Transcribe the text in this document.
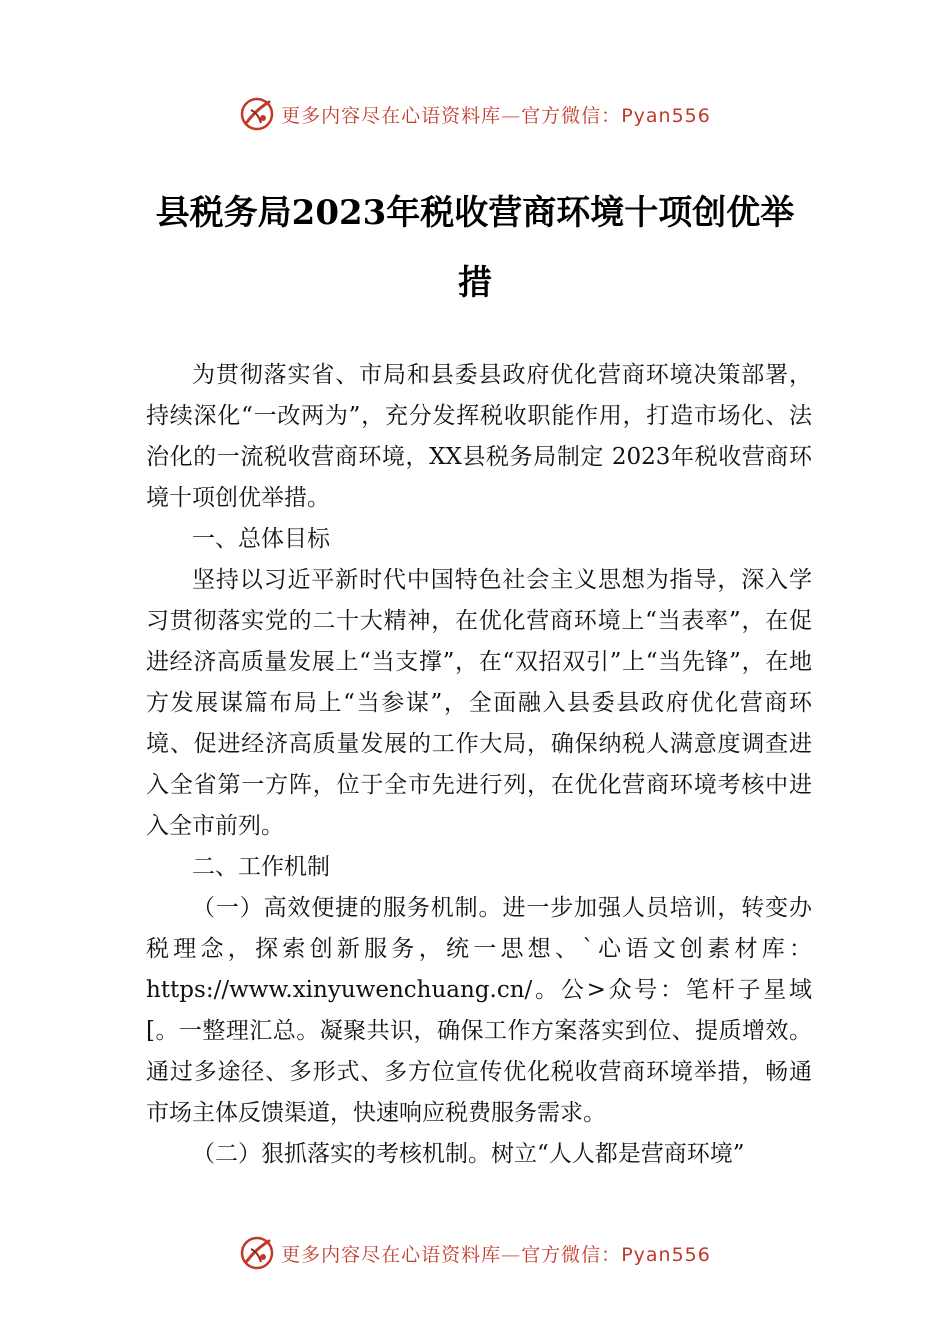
更多内容尽在心语资料库—官方微信：Pyan556
县税务局2023年税收营商环境十项创优举
措

为贯彻落实省、市局和县委县政府优化营商环境决策部署，持续深化“一改两为”，充分发挥税收职能作用，打造市场化、法治化的一流税收营商环境，XX县税务局制定 2023年税收营商环境十项创优举措。

一、总体目标

坚持以习近平新时代中国特色社会主义思想为指导，深入学习贯彻落实党的二十大精神，在优化营商环境上“当表率”，在促进经济高质量发展上“当支撑”，在“双招双引”上“当先锋”，在地方发展谋篇布局上“当参谋”，全面融入县委县政府优化营商环境、促进经济高质量发展的工作大局，确保纳税人满意度调查进入全省第一方阵，位于全市先进行列，在优化营商环境考核中进入全市前列。

二、工作机制

（一）高效便捷的服务机制。进一步加强人员培训，转变办税理念，探索创新服务，统一思想、`心语文创素材库：https://www.xinyuwenchuang.cn/。公>众号：笔杆子星域[。一整理汇总。凝聚共识，确保工作方案落实到位、提质增效。通过多途径、多形式、多方位宣传优化税收营商环境举措，畅通市场主体反馈渠道，快速响应税费服务需求。

（二）狠抓落实的考核机制。树立“人人都是营商环境”

更多内容尽在心语资料库—官方微信：Pyan556
